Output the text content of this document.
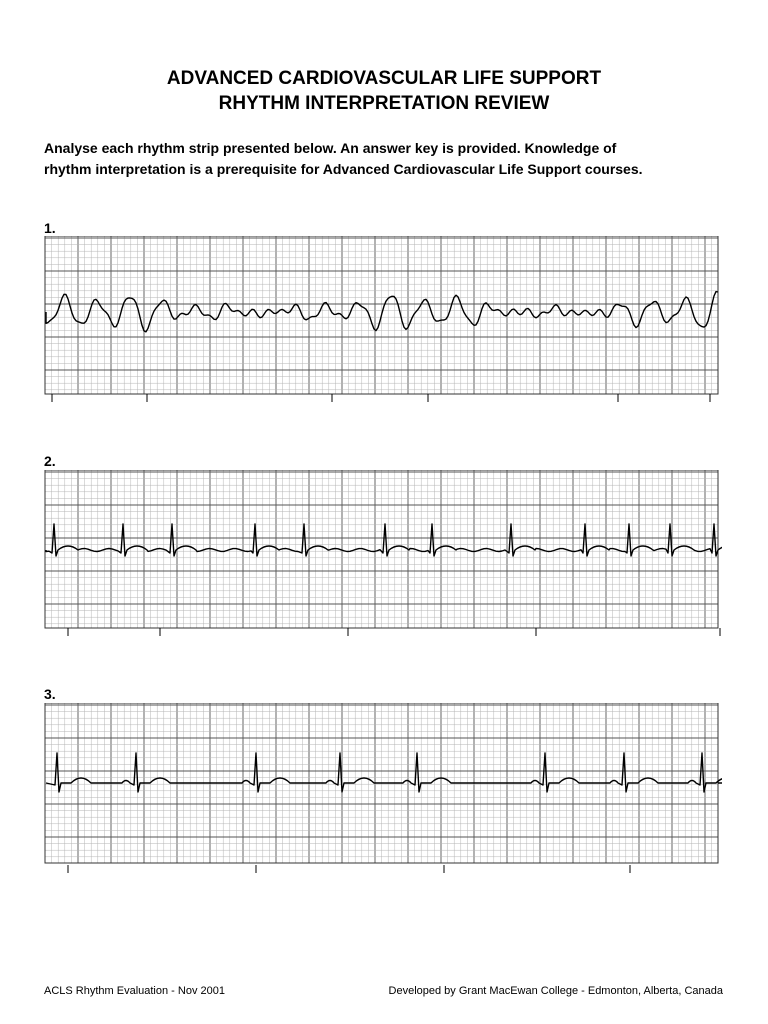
ADVANCED CARDIOVASCULAR LIFE SUPPORT
RHYTHM INTERPRETATION REVIEW
Analyse each rhythm strip presented below. An answer key is provided. Knowledge of
rhythm interpretation is a prerequisite for Advanced Cardiovascular Life Support courses.
1.
2.
3.
ACLS Rhythm Evaluation - Nov 2001	Developed by Grant MacEwan College - Edmonton, Alberta, Canada
